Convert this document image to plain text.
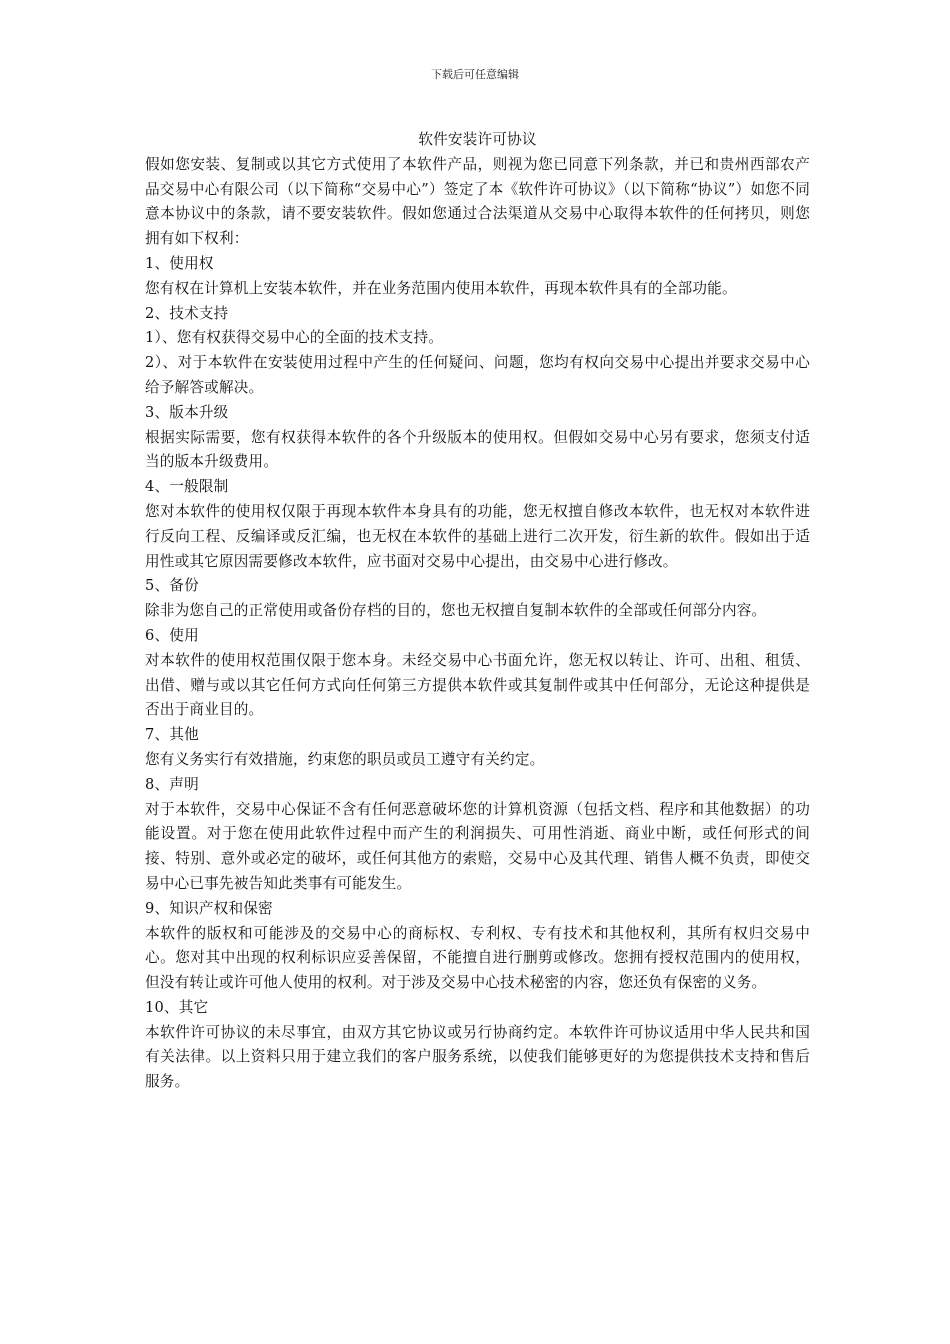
下载后可任意编辑
软件安装许可协议

假如您安装、复制或以其它方式使用了本软件产品，则视为您已同意下列条款，并已和贵州西部农产品交易中心有限公司（以下简称“交易中心”）签定了本《软件许可协议》（以下简称“协议”）如您不同意本协议中的条款，请不要安装软件。假如您通过合法渠道从交易中心取得本软件的任何拷贝，则您拥有如下权利：

1、使用权

您有权在计算机上安装本软件，并在业务范围内使用本软件，再现本软件具有的全部功能。

2、技术支持

1）、您有权获得交易中心的全面的技术支持。

2）、对于本软件在安装使用过程中产生的任何疑问、问题，您均有权向交易中心提出并要求交易中心给予解答或解决。

3、版本升级

根据实际需要，您有权获得本软件的各个升级版本的使用权。但假如交易中心另有要求，您须支付适当的版本升级费用。

4、一般限制

您对本软件的使用权仅限于再现本软件本身具有的功能，您无权擅自修改本软件，也无权对本软件进行反向工程、反编译或反汇编，也无权在本软件的基础上进行二次开发，衍生新的软件。假如出于适用性或其它原因需要修改本软件，应书面对交易中心提出，由交易中心进行修改。

5、备份

除非为您自己的正常使用或备份存档的目的，您也无权擅自复制本软件的全部或任何部分内容。

6、使用

对本软件的使用权范围仅限于您本身。未经交易中心书面允许，您无权以转让、许可、出租、租赁、出借、赠与或以其它任何方式向任何第三方提供本软件或其复制件或其中任何部分，无论这种提供是否出于商业目的。

7、其他

您有义务实行有效措施，约束您的职员或员工遵守有关约定。

8、声明

对于本软件，交易中心保证不含有任何恶意破坏您的计算机资源（包括文档、程序和其他数据）的功能设置。对于您在使用此软件过程中而产生的利润损失、可用性消逝、商业中断，或任何形式的间接、特别、意外或必定的破坏，或任何其他方的索赔，交易中心及其代理、销售人概不负责，即使交易中心已事先被告知此类事有可能发生。

9、知识产权和保密

本软件的版权和可能涉及的交易中心的商标权、专利权、专有技术和其他权利，其所有权归交易中心。您对其中出现的权利标识应妥善保留，不能擅自进行删剪或修改。您拥有授权范围内的使用权，但没有转让或许可他人使用的权利。对于涉及交易中心技术秘密的内容，您还负有保密的义务。

10、其它

本软件许可协议的未尽事宜，由双方其它协议或另行协商约定。本软件许可协议适用中华人民共和国有关法律。以上资料只用于建立我们的客户服务系统，以使我们能够更好的为您提供技术支持和售后服务。
